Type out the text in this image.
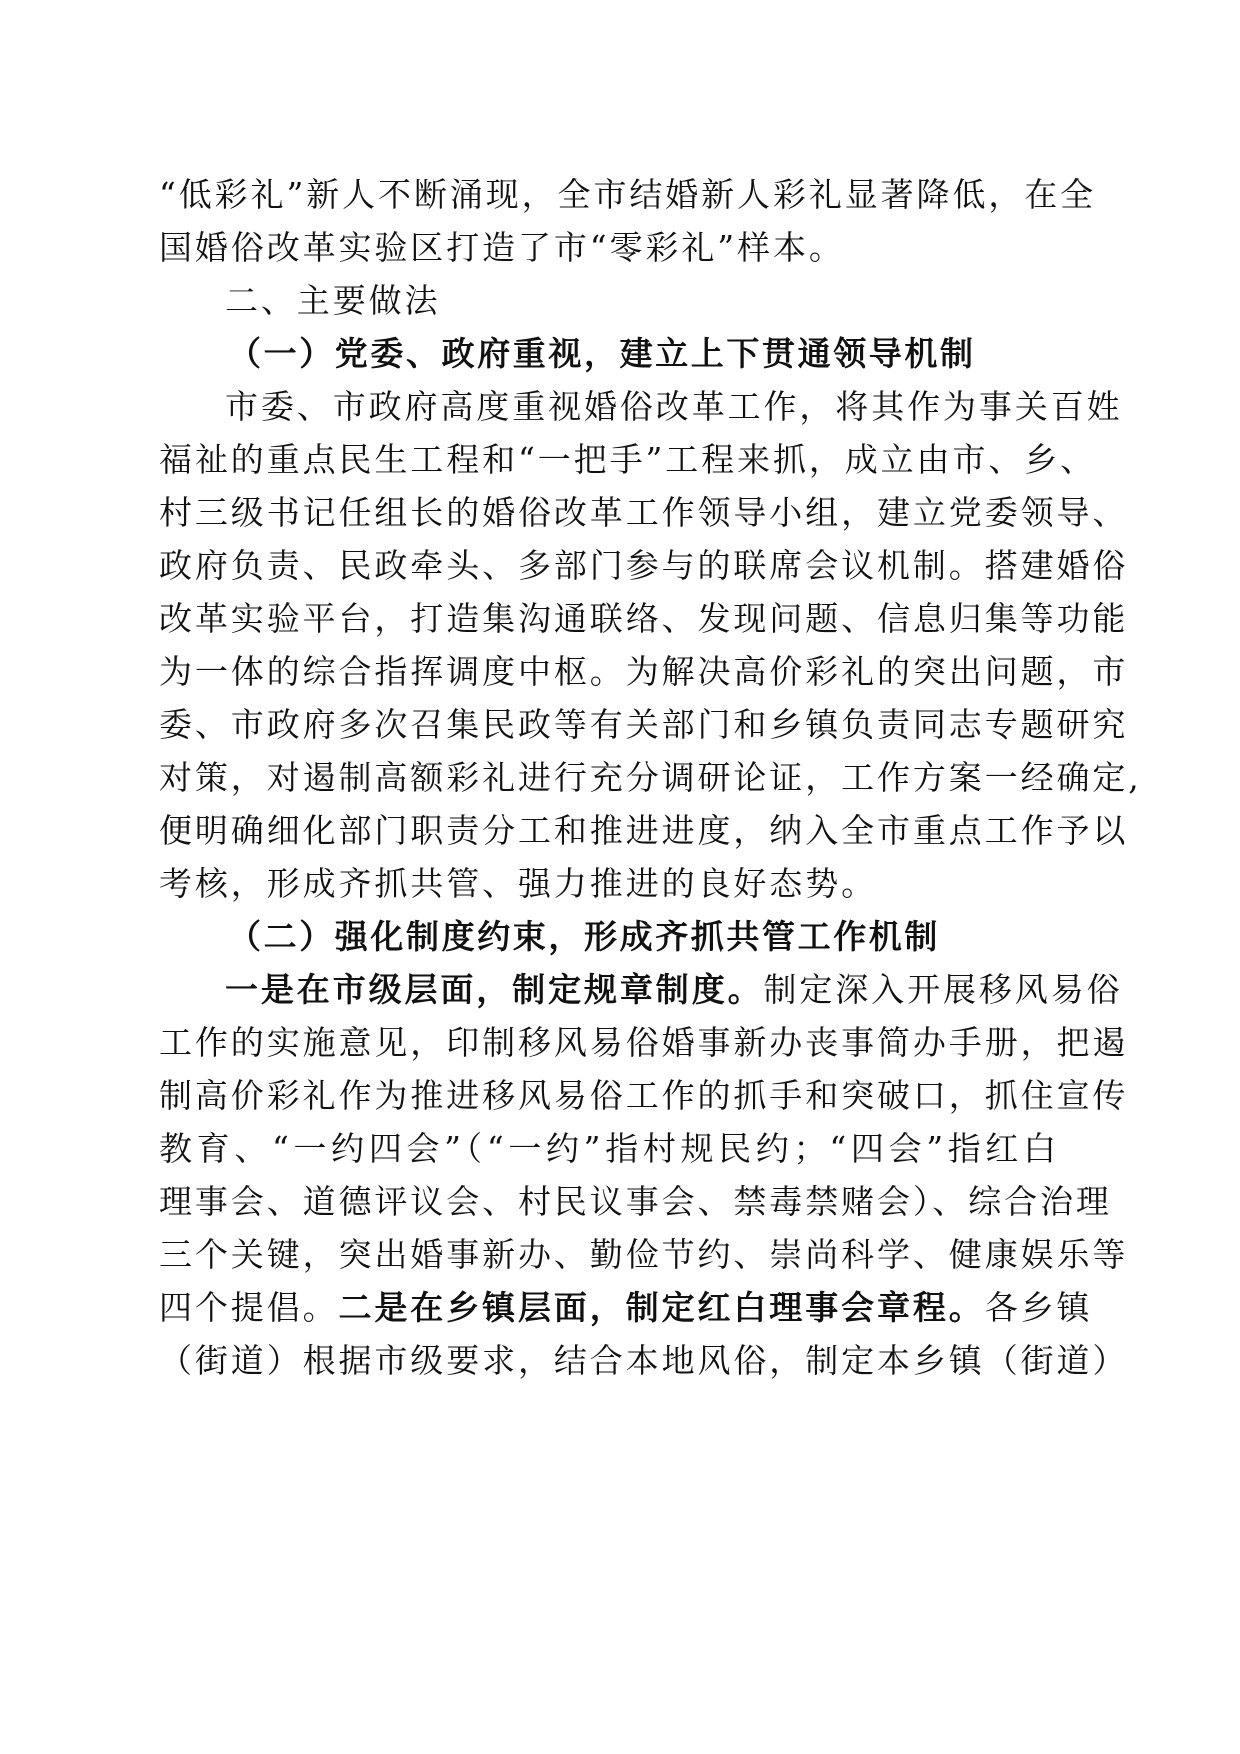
“低彩礼”新人不断涌现，全市结婚新人彩礼显著降低，在全
国婚俗改革实验区打造了市“零彩礼”样本。
二、主要做法
（一）党委、政府重视，建立上下贯通领导机制
市委、市政府高度重视婚俗改革工作，将其作为事关百姓
福祉的重点民生工程和“一把手”工程来抓，成立由市、乡、
村三级书记任组长的婚俗改革工作领导小组，建立党委领导、
政府负责、民政牵头、多部门参与的联席会议机制。搭建婚俗
改革实验平台，打造集沟通联络、发现问题、信息归集等功能
为一体的综合指挥调度中枢。为解决高价彩礼的突出问题，市
委、市政府多次召集民政等有关部门和乡镇负责同志专题研究
对策，对遏制高额彩礼进行充分调研论证，工作方案一经确定,
便明确细化部门职责分工和推进进度，纳入全市重点工作予以
考核，形成齐抓共管、强力推进的良好态势。
（二）强化制度约束，形成齐抓共管工作机制
一是在市级层面，制定规章制度。 制定深入开展移风易俗
工作的实施意见，印制移风易俗婚事新办丧事简办手册，把遏
制高价彩礼作为推进移风易俗工作的抓手和突破口，抓住宣传
教育、“一约四会”（“一约”指村规民约；“四会”指红白
理事会、道德评议会、村民议事会、禁毒禁赌会）、综合治理
三个关键，突出婚事新办、勤俭节约、崇尚科学、健康娱乐等
四个提倡。二是在乡镇层面，制定红白理事会章程。 各乡镇
（街道）根据市级要求，结合本地风俗，制定本乡镇（街道）
